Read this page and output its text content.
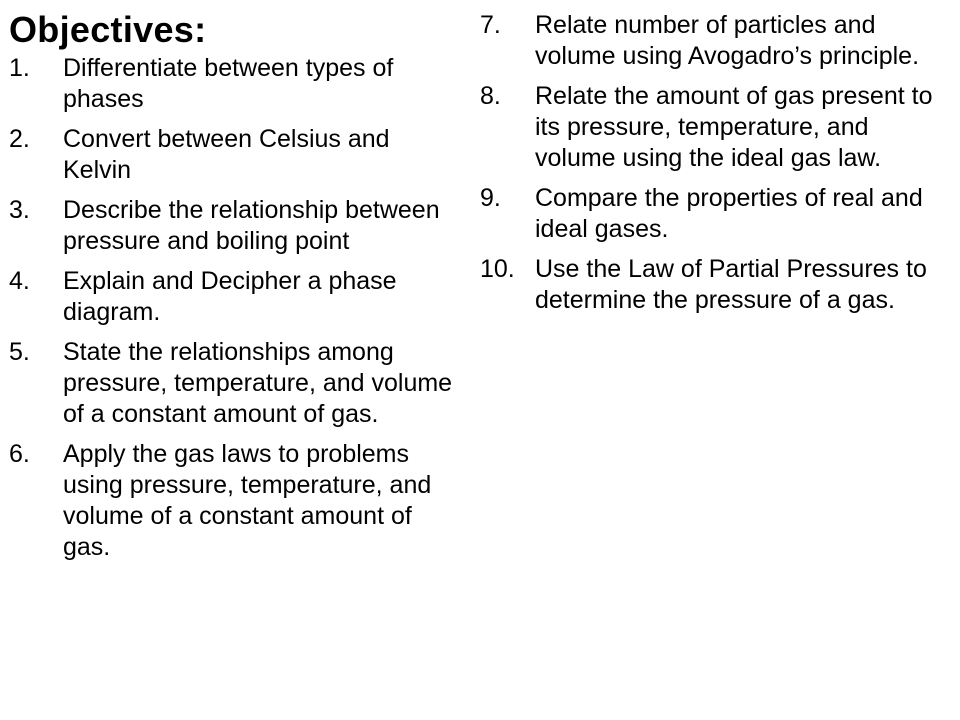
Objectives:
1.	Differentiate between types of phases
2.	Convert between Celsius and Kelvin
3.	Describe the relationship between pressure and boiling point
4.	Explain and Decipher a phase diagram.
5.	State the relationships among pressure, temperature, and volume of a constant amount of gas.
6.	Apply the gas laws to problems using pressure, temperature, and volume of a constant amount of gas.
7.	Relate number of particles and volume using Avogadro’s principle.
8.	Relate the amount of gas present to its pressure, temperature, and volume using the ideal gas law.
9.	Compare the properties of real and ideal gases.
10. Use the Law of Partial Pressures to determine the pressure of a gas.
